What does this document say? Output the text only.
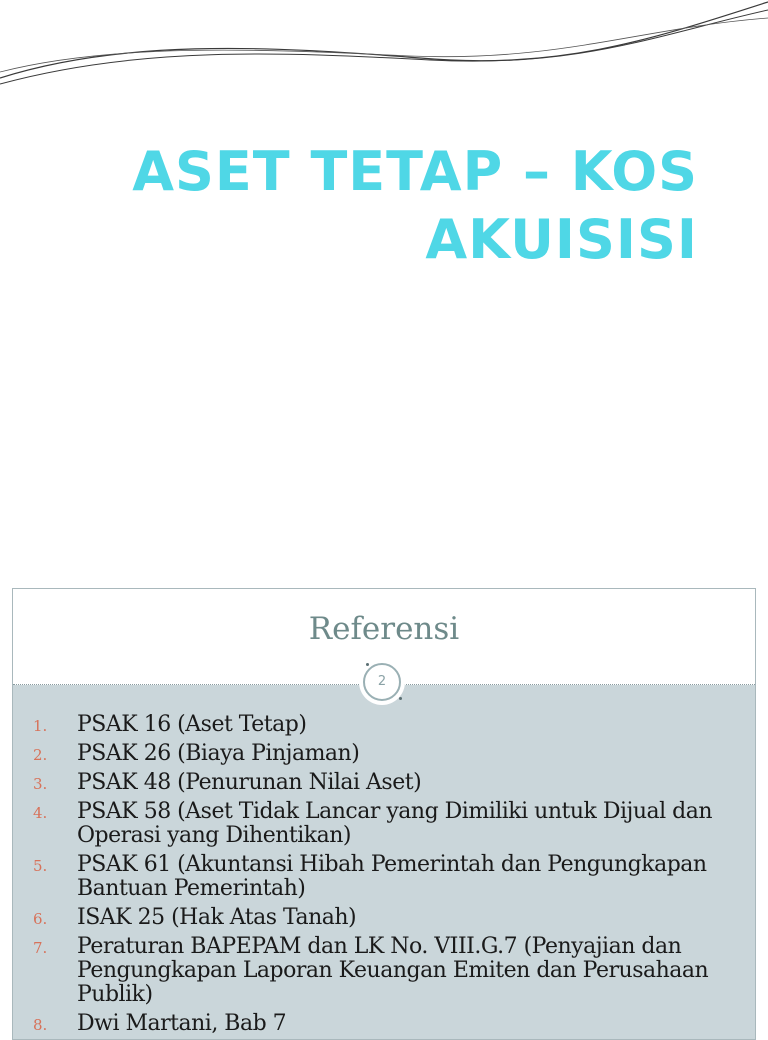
ASET TETAP – KOS
AKUISISI
Referensi
2
1.	PSAK 16 (Aset Tetap)
2.	PSAK 26 (Biaya Pinjaman)
3.	PSAK 48 (Penurunan Nilai Aset)
4.	PSAK 58 (Aset Tidak Lancar yang Dimiliki untuk Dijual dan Operasi yang Dihentikan)
5.	PSAK 61 (Akuntansi Hibah Pemerintah dan Pengungkapan Bantuan Pemerintah)
6.	ISAK 25 (Hak Atas Tanah)
7.	Peraturan BAPEPAM dan LK No. VIII.G.7 (Penyajian dan Pengungkapan Laporan Keuangan Emiten dan Perusahaan Publik)
8.	Dwi Martani, Bab 7
